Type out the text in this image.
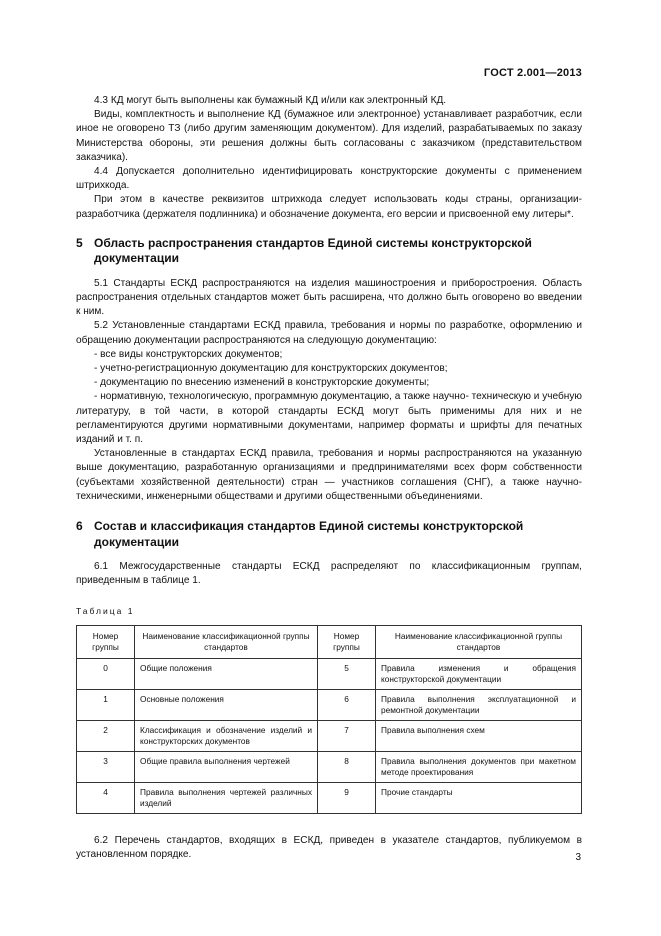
ГОСТ 2.001—2013

4.3 КД могут быть выполнены как бумажный КД и/или как электронный КД.

Виды, комплектность и выполнение КД (бумажное или электронное) устанавливает разработчик, если иное не оговорено ТЗ (либо другим заменяющим документом). Для изделий, разрабатываемых по заказу Министерства обороны, эти решения должны быть согласованы с заказчиком (представительством заказчика).

4.4 Допускается дополнительно идентифицировать конструкторские документы с применением штрихкода.

При этом в качестве реквизитов штрихкода следует использовать коды страны, организации-разработчика (держателя подлинника) и обозначение документа, его версии и присвоенной ему литеры*.

5 Область распространения стандартов Единой системы конструкторской документации

5.1 Стандарты ЕСКД распространяются на изделия машиностроения и приборостроения. Область распространения отдельных стандартов может быть расширена, что должно быть оговорено во введении к ним.

5.2 Установленные стандартами ЕСКД правила, требования и нормы по разработке, оформлению и обращению документации распространяются на следующую документацию:

- все виды конструкторских документов;

- учетно-регистрационную документацию для конструкторских документов;

- документацию по внесению изменений в конструкторские документы;

- нормативную, технологическую, программную документацию, а также научно- техническую и учебную литературу, в той части, в которой стандарты ЕСКД могут быть применимы для них и не регламентируются другими нормативными документами, например форматы и шрифты для печатных изданий и т. п.

Установленные в стандартах ЕСКД правила, требования и нормы распространяются на указанную выше документацию, разработанную организациями и предпринимателями всех форм собственности (субъектами хозяйственной деятельности) стран — участников соглашения (СНГ), а также научно-техническими, инженерными обществами и другими общественными объединениями.

6 Состав и классификация стандартов Единой системы конструкторской документации

6.1 Межгосударственные стандарты ЕСКД распределяют по классификационным группам, приведенным в таблице 1.

Таблица 1

Номер группы	Наименование классификационной группы стандартов	Номер группы	Наименование классификационной группы стандартов
0	Общие положения	5	Правила изменения и обращения конструкторской документации
1	Основные положения	6	Правила выполнения эксплуатационной и ремонтной документации
2	Классификация и обозначение изделий и конструкторских документов	7	Правила выполнения схем
3	Общие правила выполнения чертежей	8	Правила выполнения документов при макетном методе проектирования
4	Правила выполнения чертежей различных изделий	9	Прочие стандарты

6.2 Перечень стандартов, входящих в ЕСКД, приведен в указателе стандартов, публикуемом в установленном порядке.	3
